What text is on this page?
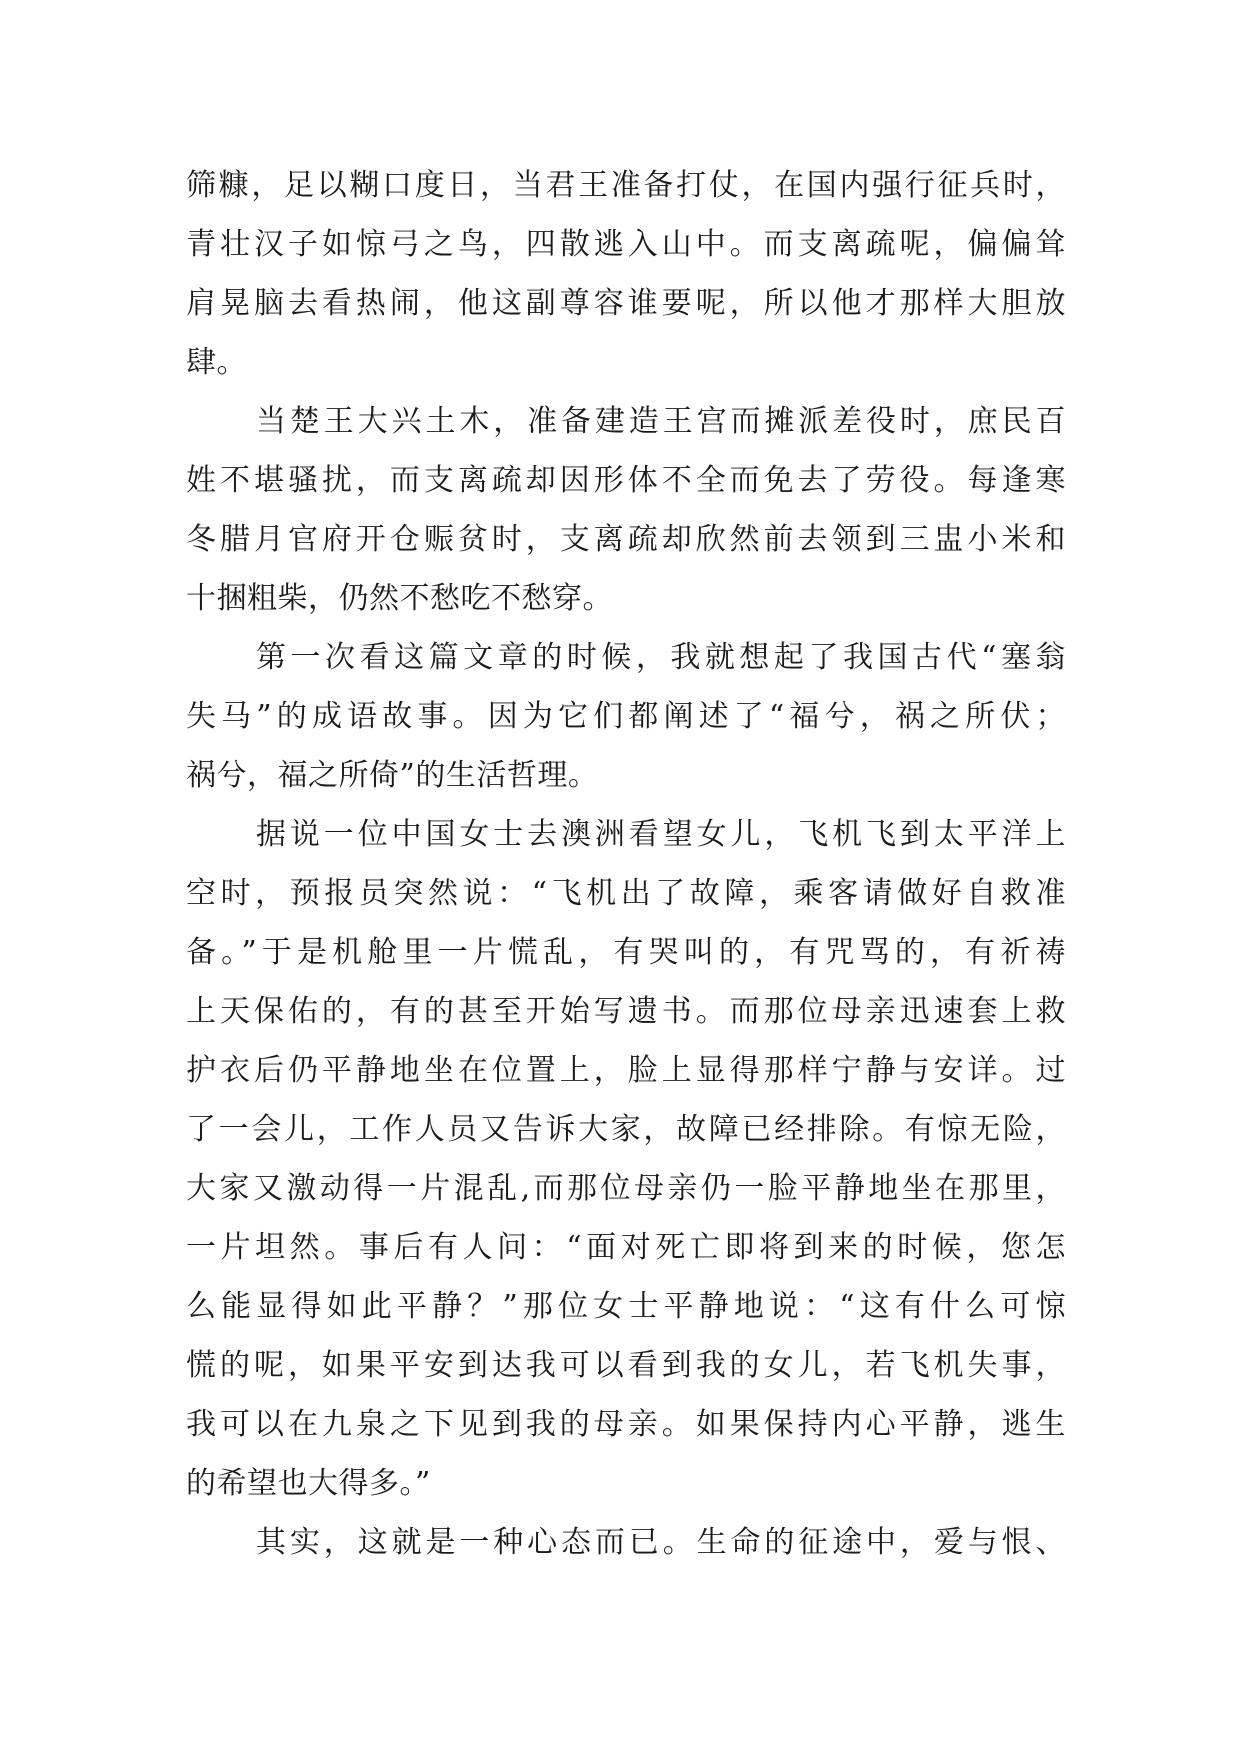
筛糠，足以糊口度日，当君王准备打仗，在国内强行征兵时，
青壮汉子如惊弓之鸟，四散逃入山中。而支离疏呢，偏偏耸
肩晃脑去看热闹，他这副尊容谁要呢，所以他才那样大胆放
肆。
当楚王大兴土木，准备建造王宫而摊派差役时，庶民百
姓不堪骚扰，而支离疏却因形体不全而免去了劳役。每逢寒
冬腊月官府开仓赈贫时，支离疏却欣然前去领到三盅小米和
十捆粗柴，仍然不愁吃不愁穿。
第一次看这篇文章的时候，我就想起了我国古代“塞翁
失马”的成语故事。因为它们都阐述了“福兮，祸之所伏；
祸兮，福之所倚”的生活哲理。
据说一位中国女士去澳洲看望女儿，飞机飞到太平洋上
空时，预报员突然说：“飞机出了故障，乘客请做好自救准
备。”于是机舱里一片慌乱，有哭叫的，有咒骂的，有祈祷
上天保佑的，有的甚至开始写遗书。而那位母亲迅速套上救
护衣后仍平静地坐在位置上，脸上显得那样宁静与安详。过
了一会儿，工作人员又告诉大家，故障已经排除。有惊无险，
大家又激动得一片混乱,而那位母亲仍一脸平静地坐在那里，
一片坦然。事后有人问：“面对死亡即将到来的时候，您怎
么能显得如此平静？”那位女士平静地说：“这有什么可惊
慌的呢，如果平安到达我可以看到我的女儿，若飞机失事，
我可以在九泉之下见到我的母亲。如果保持内心平静，逃生
的希望也大得多。”
其实，这就是一种心态而已。生命的征途中，爱与恨、
